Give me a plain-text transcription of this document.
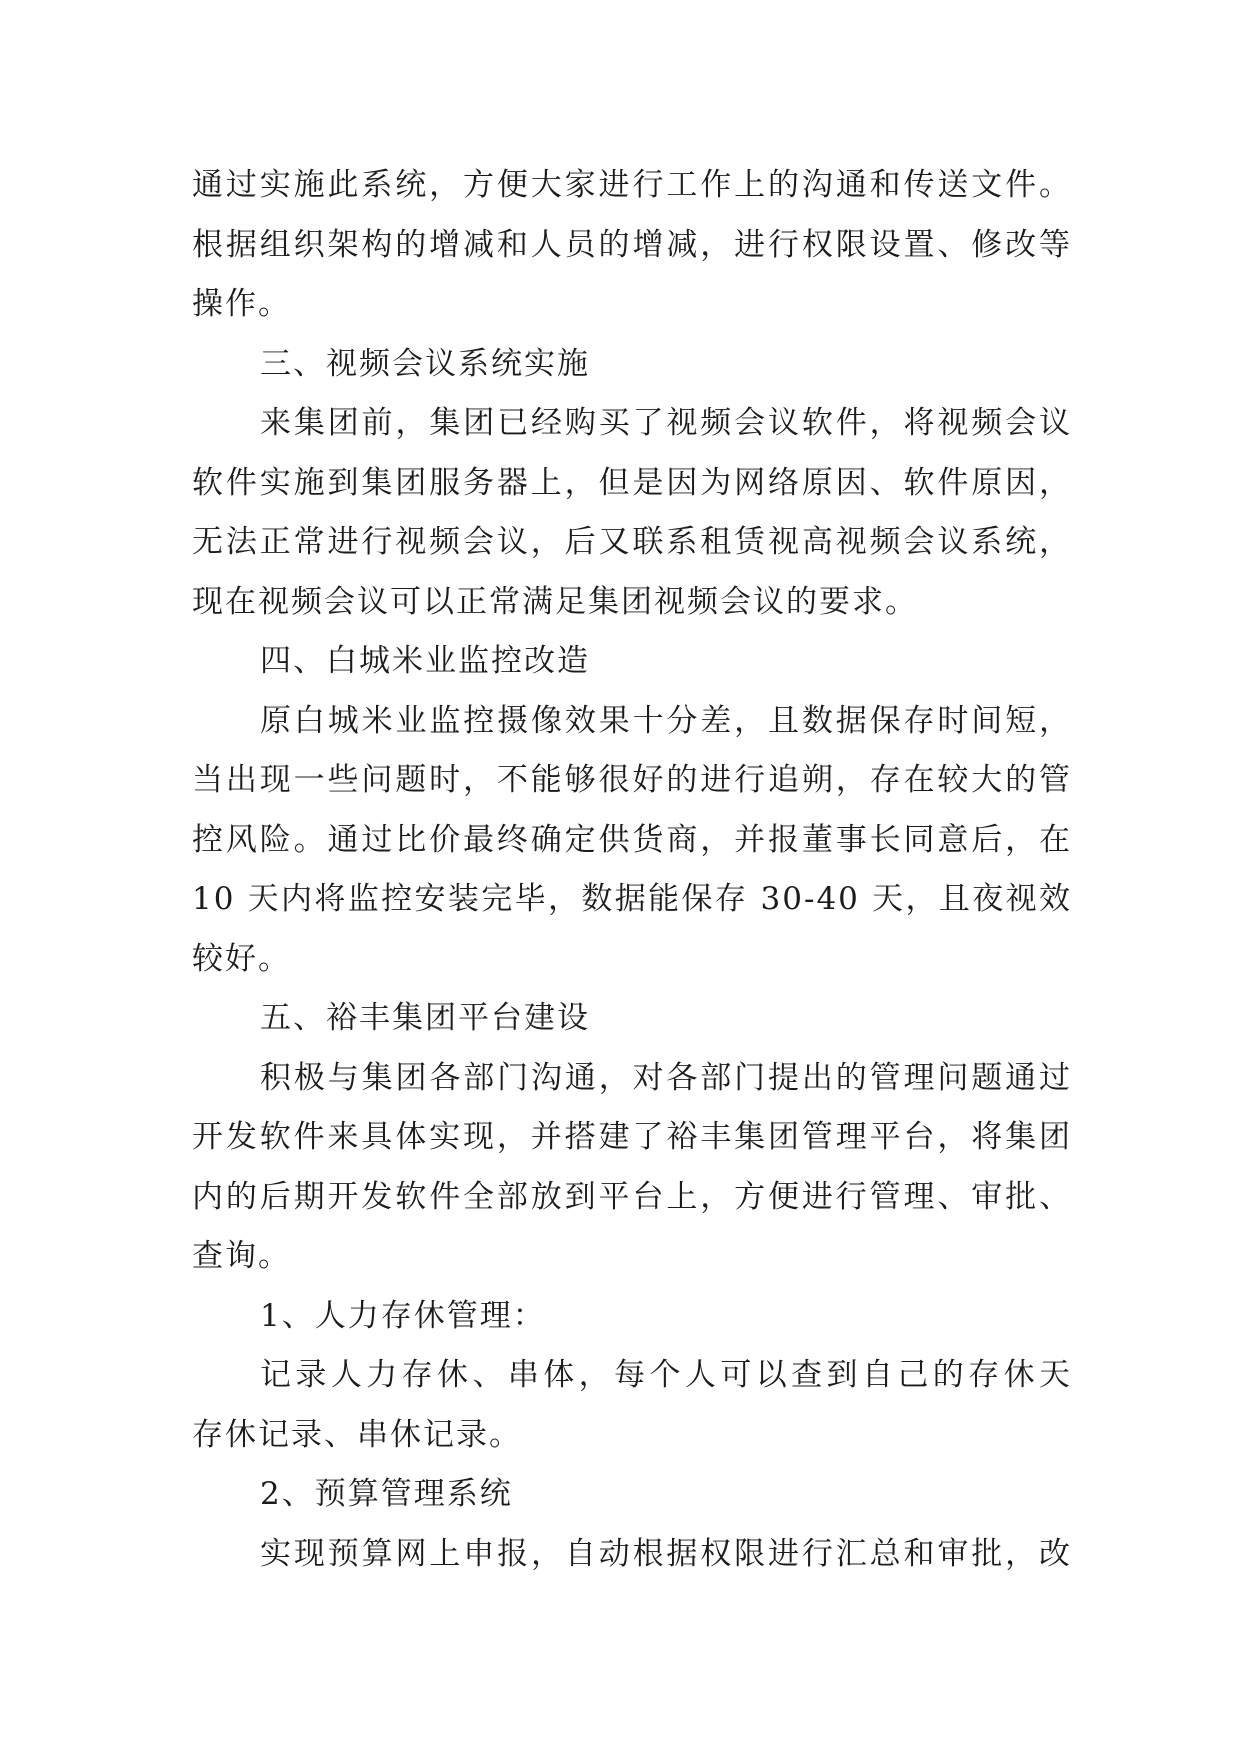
通过实施此系统，方便大家进行工作上的沟通和传送文件。
根据组织架构的增减和人员的增减，进行权限设置、修改等
操作。
三、视频会议系统实施
来集团前，集团已经购买了视频会议软件，将视频会议
软件实施到集团服务器上，但是因为网络原因、软件原因，
无法正常进行视频会议，后又联系租赁视高视频会议系统，
现在视频会议可以正常满足集团视频会议的要求。
四、白城米业监控改造
原白城米业监控摄像效果十分差，且数据保存时间短，
当出现一些问题时，不能够很好的进行追朔，存在较大的管
控风险。通过比价最终确定供货商，并报董事长同意后，在
10 天内将监控安装完毕，数据能保存 30-40 天，且夜视效
较好。
五、裕丰集团平台建设
积极与集团各部门沟通，对各部门提出的管理问题通过
开发软件来具体实现，并搭建了裕丰集团管理平台，将集团
内的后期开发软件全部放到平台上，方便进行管理、审批、
查询。
1、人力存休管理：
记录人力存休、串体，每个人可以查到自己的存休天
存休记录、串休记录。
2、预算管理系统
实现预算网上申报，自动根据权限进行汇总和审批，改
